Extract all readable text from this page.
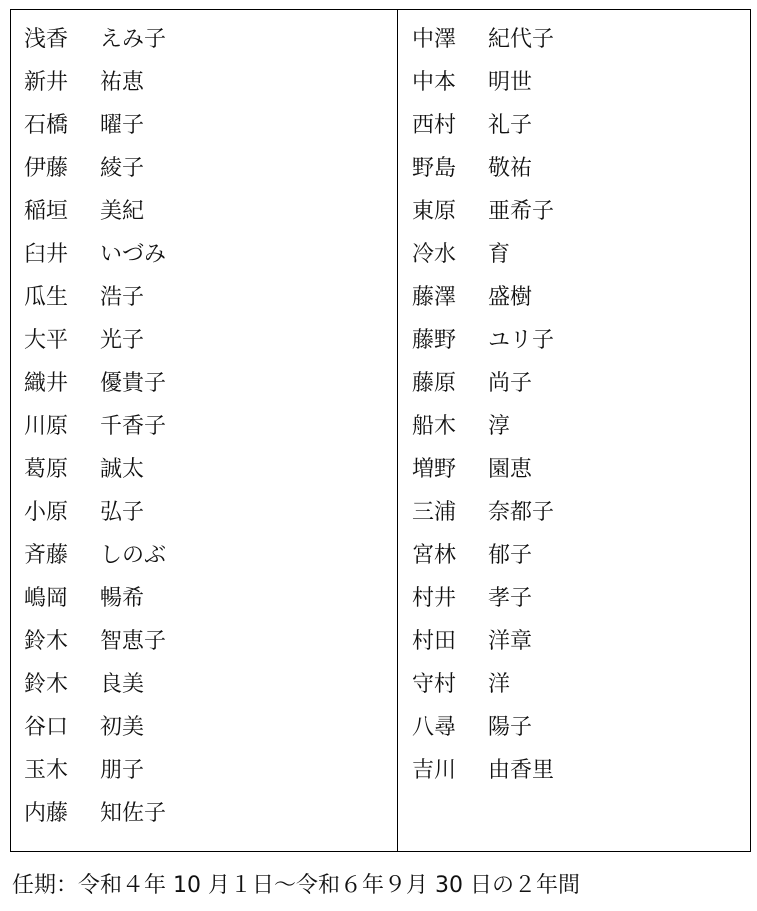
浅香	えみ子
新井	祐恵
石橋	曜子
伊藤	綾子
稲垣	美紀
臼井	いづみ
瓜生	浩子
大平	光子
織井	優貴子
川原	千香子
葛原	誠太
小原	弘子
斉藤	しのぶ
嶋岡	暢希
鈴木	智恵子
鈴木	良美
谷口	初美
玉木	朋子
内藤	知佐子
中澤	紀代子
中本	明世
西村	礼子
野島	敬祐
東原	亜希子
冷水	育
藤澤	盛樹
藤野	ユリ子
藤原	尚子
船木	淳
増野	園恵
三浦	奈都子
宮林	郁子
村井	孝子
村田	洋章
守村	洋
八尋	陽子
吉川	由香里
任期：令和４年 10 月１日～令和６年９月 30 日の２年間
